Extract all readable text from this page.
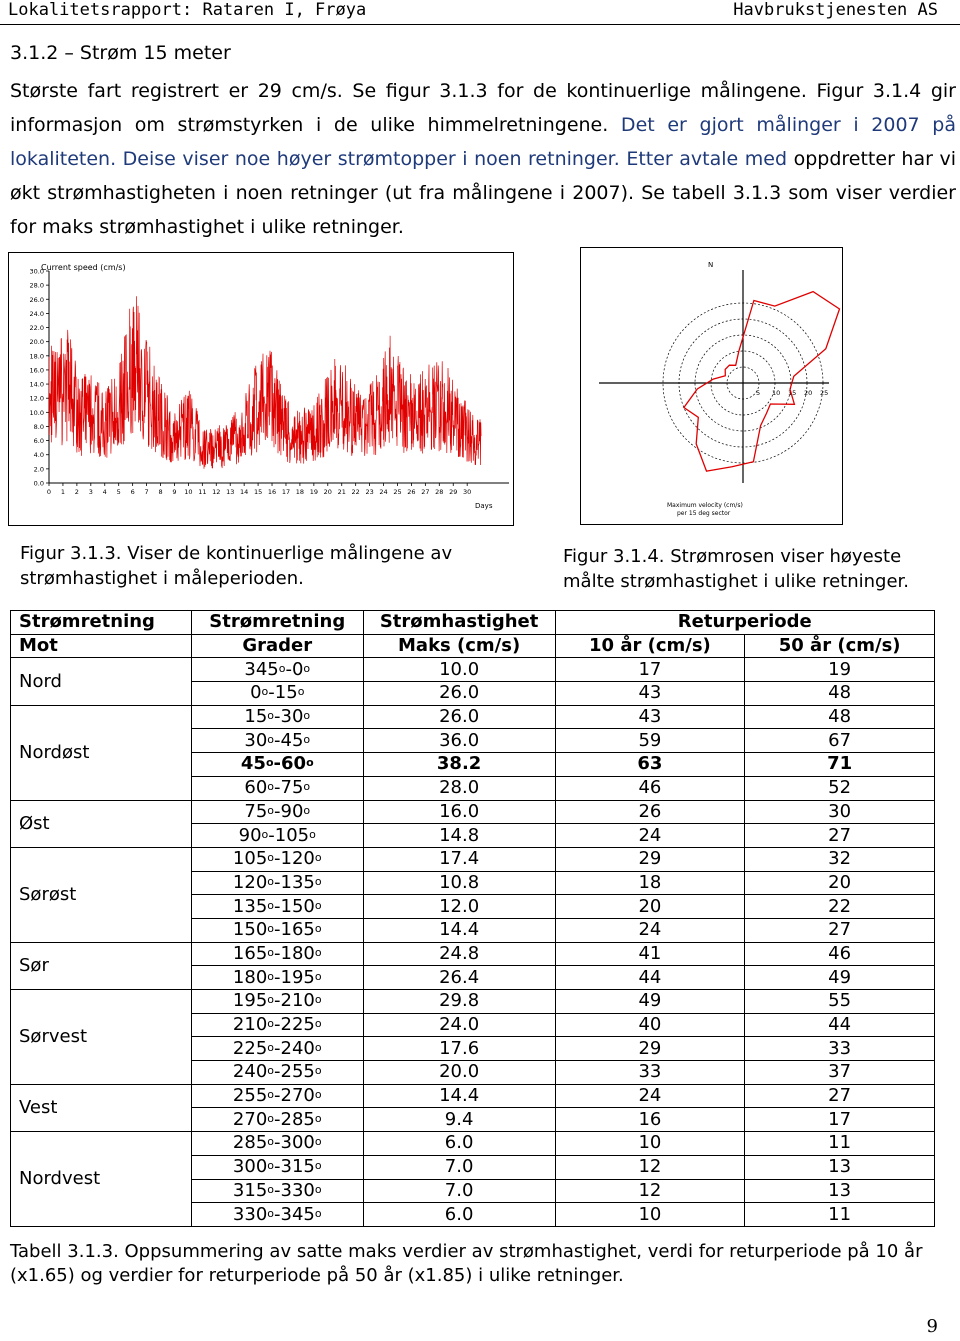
Lokalitetsrapport: Rataren I, Frøya	Havbrukstjenesten AS
3.1.2 – Strøm 15 meter
Største fart registrert er 29 cm/s. Se figur 3.1.3 for de kontinuerlige målingene. Figur 3.1.4 gir informasjon om strømstyrken i de ulike himmelretningene. Det er gjort målinger i 2007 på lokaliteten. Deise viser noe høyer strømtopper i noen retninger. Etter avtale med oppdretter har vi økt strømhastigheten i noen retninger (ut fra målingene i 2007). Se tabell 3.1.3 som viser verdier for maks strømhastighet i ulike retninger.
Current speed (cm/s)
Days
0.0
2.0
4.0
6.0
8.0
10.0
12.0
14.0
16.0
18.0
20.0
22.0
24.0
26.0
28.0
30.0
0 1 2 3 4 5 6 7 8 9 10 11 12 13 14 15 16 17 18 19 20 21 22 23 24 25 26 27 28 29 30
Figur 3.1.3. Viser de kontinuerlige målingene av strømhastighet i måleperioden.
N
Maximum velocity (cm/s)
per 15 deg sector
5 10 15 20 25
Figur 3.1.4. Strømrosen viser høyeste målte strømhastighet i ulike retninger.
Strømretning	Strømretning	Strømhastighet	Returperiode	
Mot	Grader	Maks (cm/s)	10 år (cm/s)	50 år (cm/s)
Nord	345$^o$-0$^o$	10.0	17	19
	0$^o$-15$^o$	26.0	43	48
Nordøst	15$^o$-30$^o$	26.0	43	48
	30$^o$-45$^o$	36.0	59	67
	45$^o$-60$^o$	38.2	63	71
	60$^o$-75$^o$	28.0	46	52
Øst	75$^o$-90$^o$	16.0	26	30
	90$^o$-105$^o$	14.8	24	27
Sørøst	105$^o$-120$^o$	17.4	29	32
	120$^o$-135$^o$	10.8	18	20
	135$^o$-150$^o$	12.0	20	22
	150$^o$-165$^o$	14.4	24	27
Sør	165$^o$-180$^o$	24.8	41	46
	180$^o$-195$^o$	26.4	44	49
Sørvest	195$^o$-210$^o$	29.8	49	55
	210$^o$-225$^o$	24.0	40	44
	225$^o$-240$^o$	17.6	29	33
	240$^o$-255$^o$	20.0	33	37
Vest	255$^o$-270$^o$	14.4	24	27
	270$^o$-285$^o$	9.4	16	17
Nordvest	285$^o$-300$^o$	6.0	10	11
	300$^o$-315$^o$	7.0	12	13
	315$^o$-330$^o$	7.0	12	13
	330$^o$-345$^o$	6.0	10	11
Tabell 3.1.3. Oppsummering av satte maks verdier av strømhastighet, verdi for returperiode på 10 år (x1.65) og verdier for returperiode på 50 år (x1.85) i ulike retninger.
9
